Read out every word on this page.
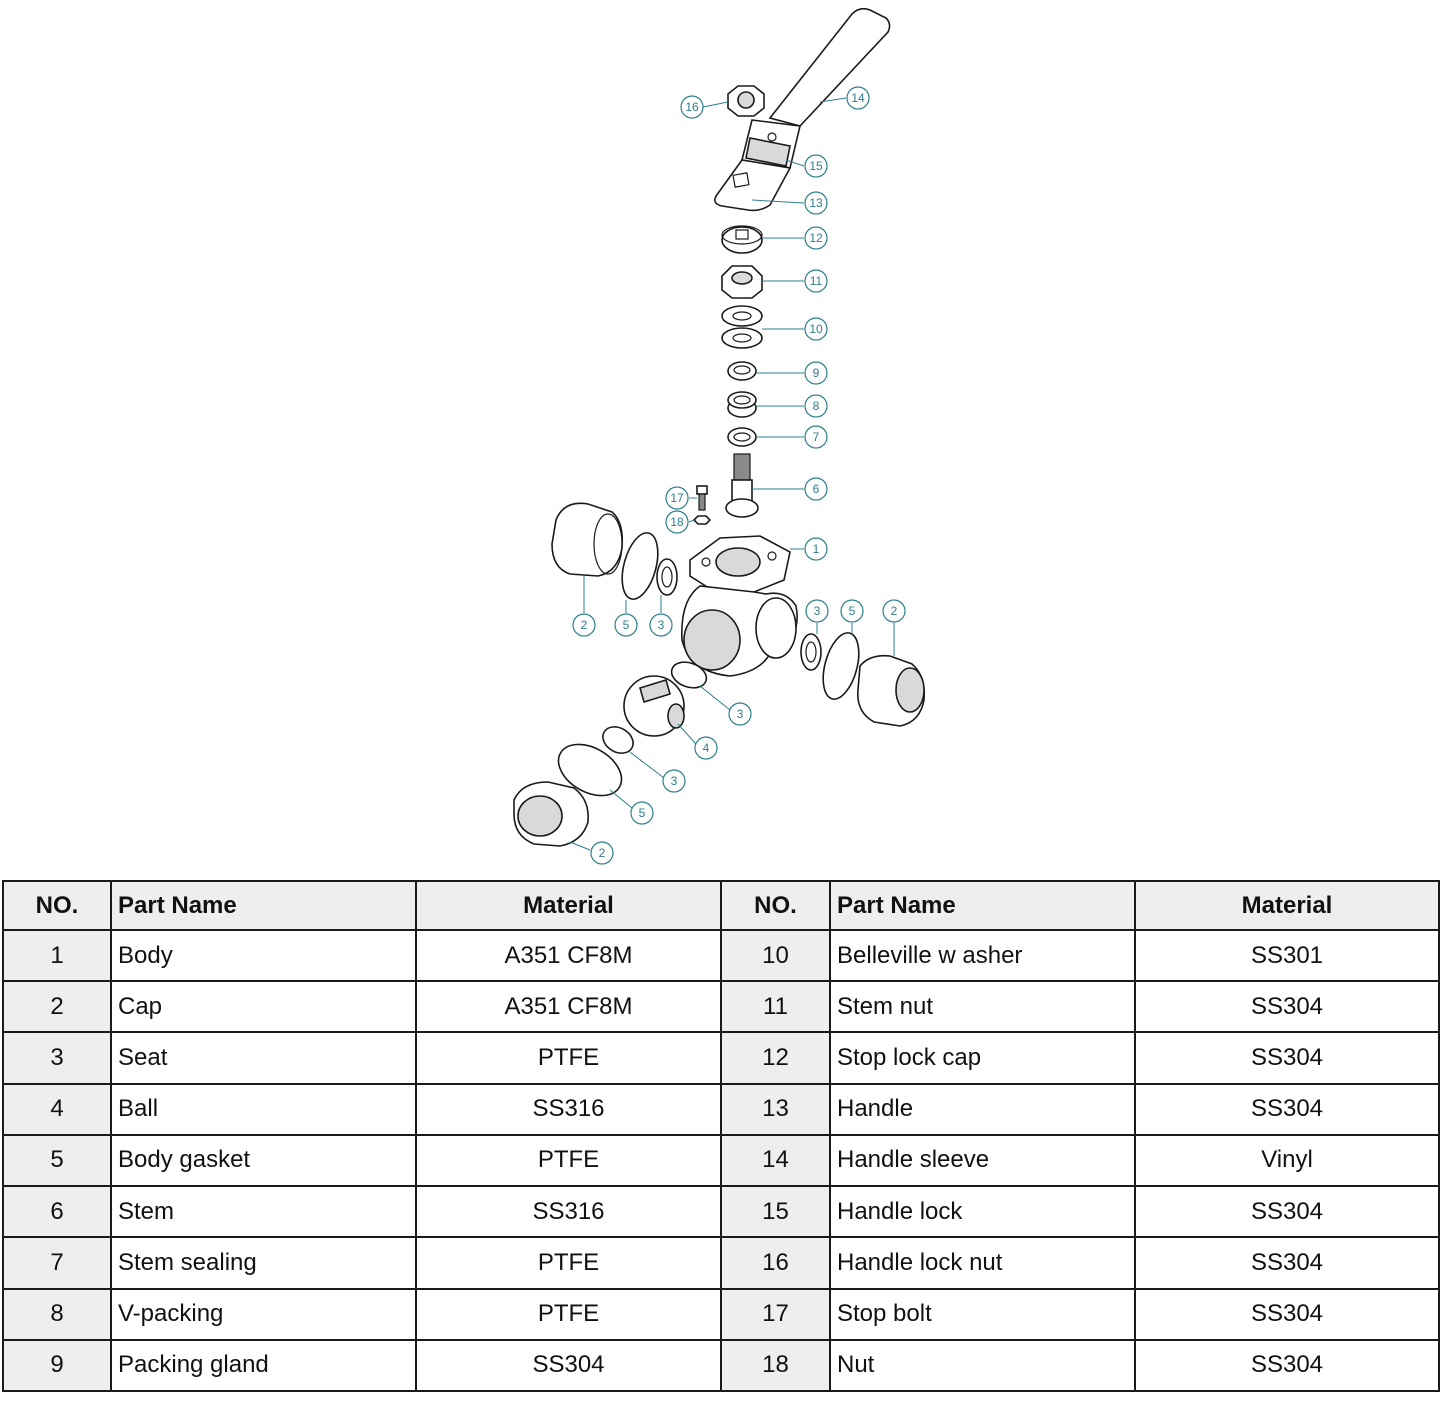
1
2
2
2
3
3
3
3
4
5
5
5
6
7
8
9
10
11
12
13
14
15
16
17
18
NO.	Part Name	Material	NO.	Part Name	Material
1	Body	A351 CF8M	10	Belleville w asher	SS301
2	Cap	A351 CF8M	11	Stem nut	SS304
3	Seat	PTFE	12	Stop lock cap	SS304
4	Ball	SS316	13	Handle	SS304
5	Body gasket	PTFE	14	Handle sleeve	Vinyl
6	Stem	SS316	15	Handle lock	SS304
7	Stem sealing	PTFE	16	Handle lock nut	SS304
8	V-packing	PTFE	17	Stop bolt	SS304
9	Packing gland	SS304	18	Nut	SS304
